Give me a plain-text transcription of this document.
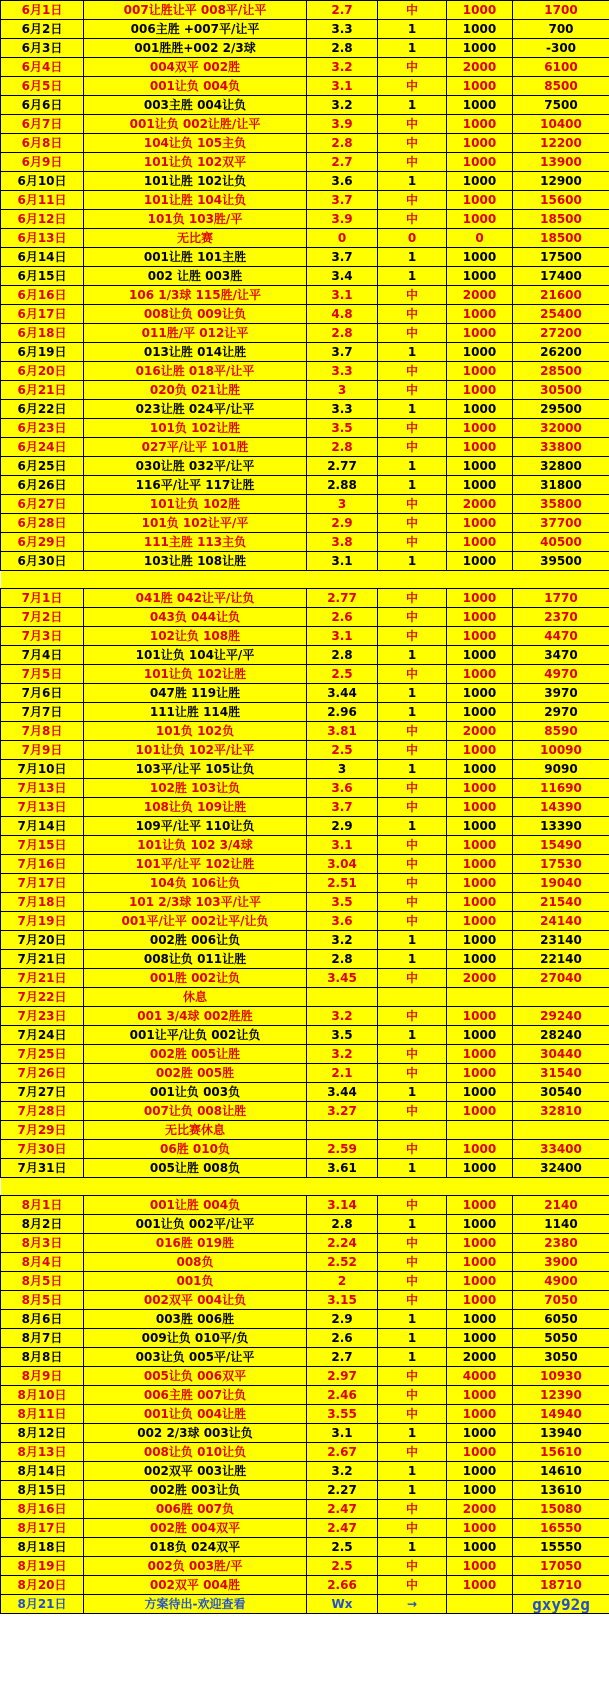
6月1日	007让胜让平 008平/让平	2.7	中	1000	1700
6月2日	006主胜 +007平/让平	3.3	1	1000	700
6月3日	001胜胜+002 2/3球	2.8	1	1000	-300
6月4日	004双平 002胜	3.2	中	2000	6100
6月5日	001让负 004负	3.1	中	1000	8500
6月6日	003主胜 004让负	3.2	1	1000	7500
6月7日	001让负 002让胜/让平	3.9	中	1000	10400
6月8日	104让负 105主负	2.8	中	1000	12200
6月9日	101让负 102双平	2.7	中	1000	13900
6月10日	101让胜 102让负	3.6	1	1000	12900
6月11日	101让胜 104让负	3.7	中	1000	15600
6月12日	101负 103胜/平	3.9	中	1000	18500
6月13日	无比赛	0	0	0	18500
6月14日	001让胜 101主胜	3.7	1	1000	17500
6月15日	002 让胜 003胜	3.4	1	1000	17400
6月16日	106 1/3球 115胜/让平	3.1	中	2000	21600
6月17日	008让负 009让负	4.8	中	1000	25400
6月18日	011胜/平 012让平	2.8	中	1000	27200
6月19日	013让胜 014让胜	3.7	1	1000	26200
6月20日	016让胜 018平/让平	3.3	中	1000	28500
6月21日	020负 021让胜	3	中	1000	30500
6月22日	023让胜 024平/让平	3.3	1	1000	29500
6月23日	101负 102让胜	3.5	中	1000	32000
6月24日	027平/让平 101胜	2.8	中	1000	33800
6月25日	030让胜 032平/让平	2.77	1	1000	32800
6月26日	116平/让平 117让胜	2.88	1	1000	31800
6月27日	101让负 102胜	3	中	2000	35800
6月28日	101负 102让平/平	2.9	中	1000	37700
6月29日	111主胜 113主负	3.8	中	1000	40500
6月30日	103让胜 108让胜	3.1	1	1000	39500

7月1日	041胜 042让平/让负	2.77	中	1000	1770
7月2日	043负 044让负	2.6	中	1000	2370
7月3日	102让负 108胜	3.1	中	1000	4470
7月4日	101让负 104让平/平	2.8	1	1000	3470
7月5日	101让负 102让胜	2.5	中	1000	4970
7月6日	047胜 119让胜	3.44	1	1000	3970
7月7日	111让胜 114胜	2.96	1	1000	2970
7月8日	101负 102负	3.81	中	2000	8590
7月9日	101让负 102平/让平	2.5	中	1000	10090
7月10日	103平/让平 105让负	3	1	1000	9090
7月13日	102胜 103让负	3.6	中	1000	11690
7月13日	108让负 109让胜	3.7	中	1000	14390
7月14日	109平/让平 110让负	2.9	1	1000	13390
7月15日	101让负 102 3/4球	3.1	中	1000	15490
7月16日	101平/让平 102让胜	3.04	中	1000	17530
7月17日	104负 106让负	2.51	中	1000	19040
7月18日	101 2/3球 103平/让平	3.5	中	1000	21540
7月19日	001平/让平 002让平/让负	3.6	中	1000	24140
7月20日	002胜 006让负	3.2	1	1000	23140
7月21日	008让负 011让胜	2.8	1	1000	22140
7月21日	001胜 002让负	3.45	中	2000	27040
7月22日	休息				
7月23日	001 3/4球 002胜胜	3.2	中	1000	29240
7月24日	001让平/让负 002让负	3.5	1	1000	28240
7月25日	002胜 005让胜	3.2	中	1000	30440
7月26日	002胜 005胜	2.1	中	1000	31540
7月27日	001让负 003负	3.44	1	1000	30540
7月28日	007让负 008让胜	3.27	中	1000	32810
7月29日	无比赛休息				
7月30日	06胜 010负	2.59	中	1000	33400
7月31日	005让胜 008负	3.61	1	1000	32400

8月1日	001让胜 004负	3.14	中	1000	2140
8月2日	001让负 002平/让平	2.8	1	1000	1140
8月3日	016胜 019胜	2.24	中	1000	2380
8月4日	008负	2.52	中	1000	3900
8月5日	001负	2	中	1000	4900
8月5日	002双平 004让负	3.15	中	1000	7050
8月6日	003胜 006胜	2.9	1	1000	6050
8月7日	009让负 010平/负	2.6	1	1000	5050
8月8日	003让负 005平/让平	2.7	1	2000	3050
8月9日	005让负 006双平	2.97	中	4000	10930
8月10日	006主胜 007让负	2.46	中	1000	12390
8月11日	001让负 004让胜	3.55	中	1000	14940
8月12日	002 2/3球 003让负	3.1	1	1000	13940
8月13日	008让负 010让负	2.67	中	1000	15610
8月14日	002双平 003让胜	3.2	1	1000	14610
8月15日	002胜 003让负	2.27	1	1000	13610
8月16日	006胜 007负	2.47	中	2000	15080
8月17日	002胜 004双平	2.47	中	1000	16550
8月18日	018负 024双平	2.5	1	1000	15550
8月19日	002负 003胜/平	2.5	中	1000	17050
8月20日	002双平 004胜	2.66	中	1000	18710
8月21日	方案待出-欢迎查看	Wx	→		gxy92g
